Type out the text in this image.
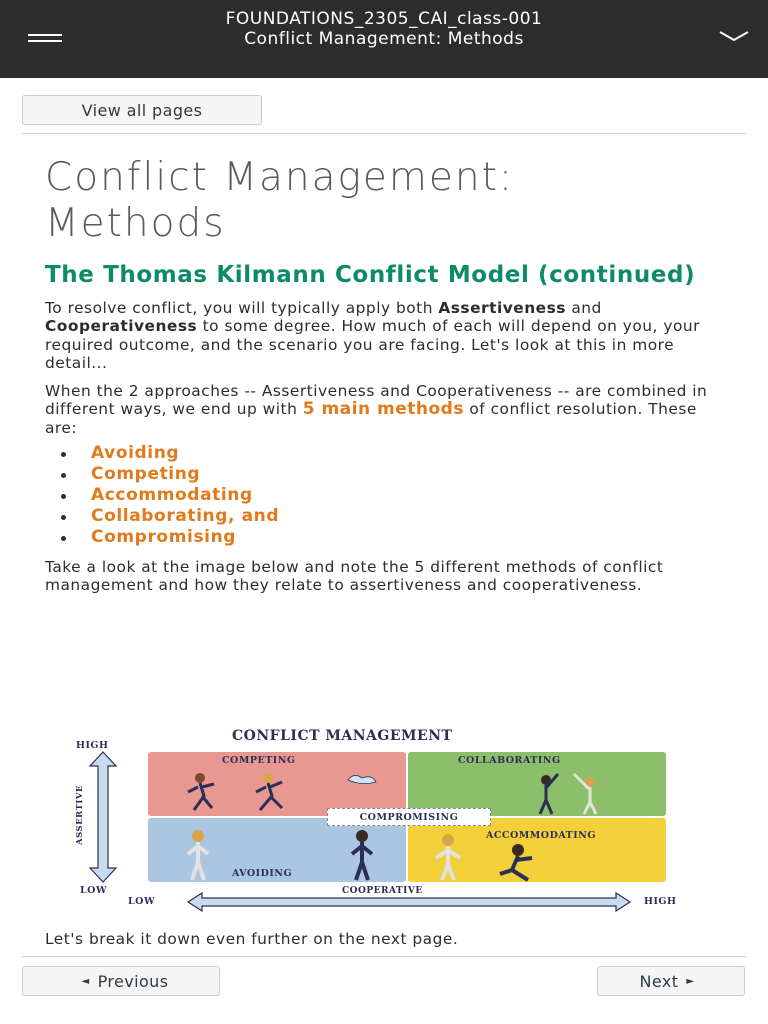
FOUNDATIONS_2305_CAI_class-001
Conflict Management: Methods
View all pages
Conflict Management: Methods
The Thomas Kilmann Conflict Model (continued)

To resolve conflict, you will typically apply both Assertiveness and Cooperativeness to some degree. How much of each will depend on you, your required outcome, and the scenario you are facing. Let's look at this in more detail...

When the 2 approaches -- Assertiveness and Cooperativeness -- are combined in different ways, we end up with 5 main methods of conflict resolution. These are:

Avoiding
Competing
Accommodating
Collaborating, and
Compromising

Take a look at the image below and note the 5 different methods of conflict management and how they relate to assertiveness and cooperativeness.

CONFLICT MANAGEMENT
HIGH
LOW
ASSERTIVE
COMPETING	COLLABORATING
AVOIDING
ACCOMMODATING
COMPROMISING
LOW	HIGH
COOPERATIVE

Let's break it down even further on the next page.

◄ Previous	Next ►
